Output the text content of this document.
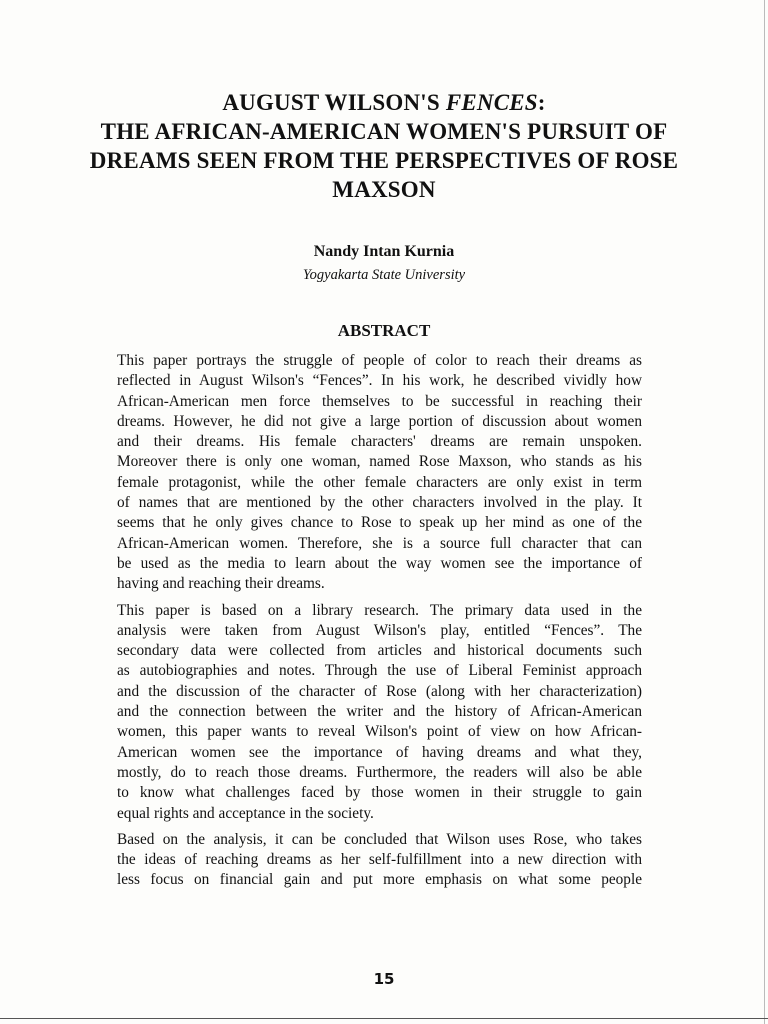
AUGUST WILSON'S FENCES:
THE AFRICAN-AMERICAN WOMEN'S PURSUIT OF
DREAMS SEEN FROM THE PERSPECTIVES OF ROSE
MAXSON
Nandy Intan Kurnia
Yogyakarta State University
ABSTRACT
This paper portrays the struggle of people of color to reach their dreams as
reflected in August Wilson's “Fences”. In his work, he described vividly how
African-American men force themselves to be successful in reaching their
dreams. However, he did not give a large portion of discussion about women
and their dreams. His female characters' dreams are remain unspoken.
Moreover there is only one woman, named Rose Maxson, who stands as his
female protagonist, while the other female characters are only exist in term
of names that are mentioned by the other characters involved in the play. It
seems that he only gives chance to Rose to speak up her mind as one of the
African-American women. Therefore, she is a source full character that can
be used as the media to learn about the way women see the importance of
having and reaching their dreams.
This paper is based on a library research. The primary data used in the
analysis were taken from August Wilson's play, entitled “Fences”. The
secondary data were collected from articles and historical documents such
as autobiographies and notes. Through the use of Liberal Feminist approach
and the discussion of the character of Rose (along with her characterization)
and the connection between the writer and the history of African-American
women, this paper wants to reveal Wilson's point of view on how African-
American women see the importance of having dreams and what they,
mostly, do to reach those dreams. Furthermore, the readers will also be able
to know what challenges faced by those women in their struggle to gain
equal rights and acceptance in the society.
Based on the analysis, it can be concluded that Wilson uses Rose, who takes
the ideas of reaching dreams as her self-fulfillment into a new direction with
less focus on financial gain and put more emphasis on what some people
15
